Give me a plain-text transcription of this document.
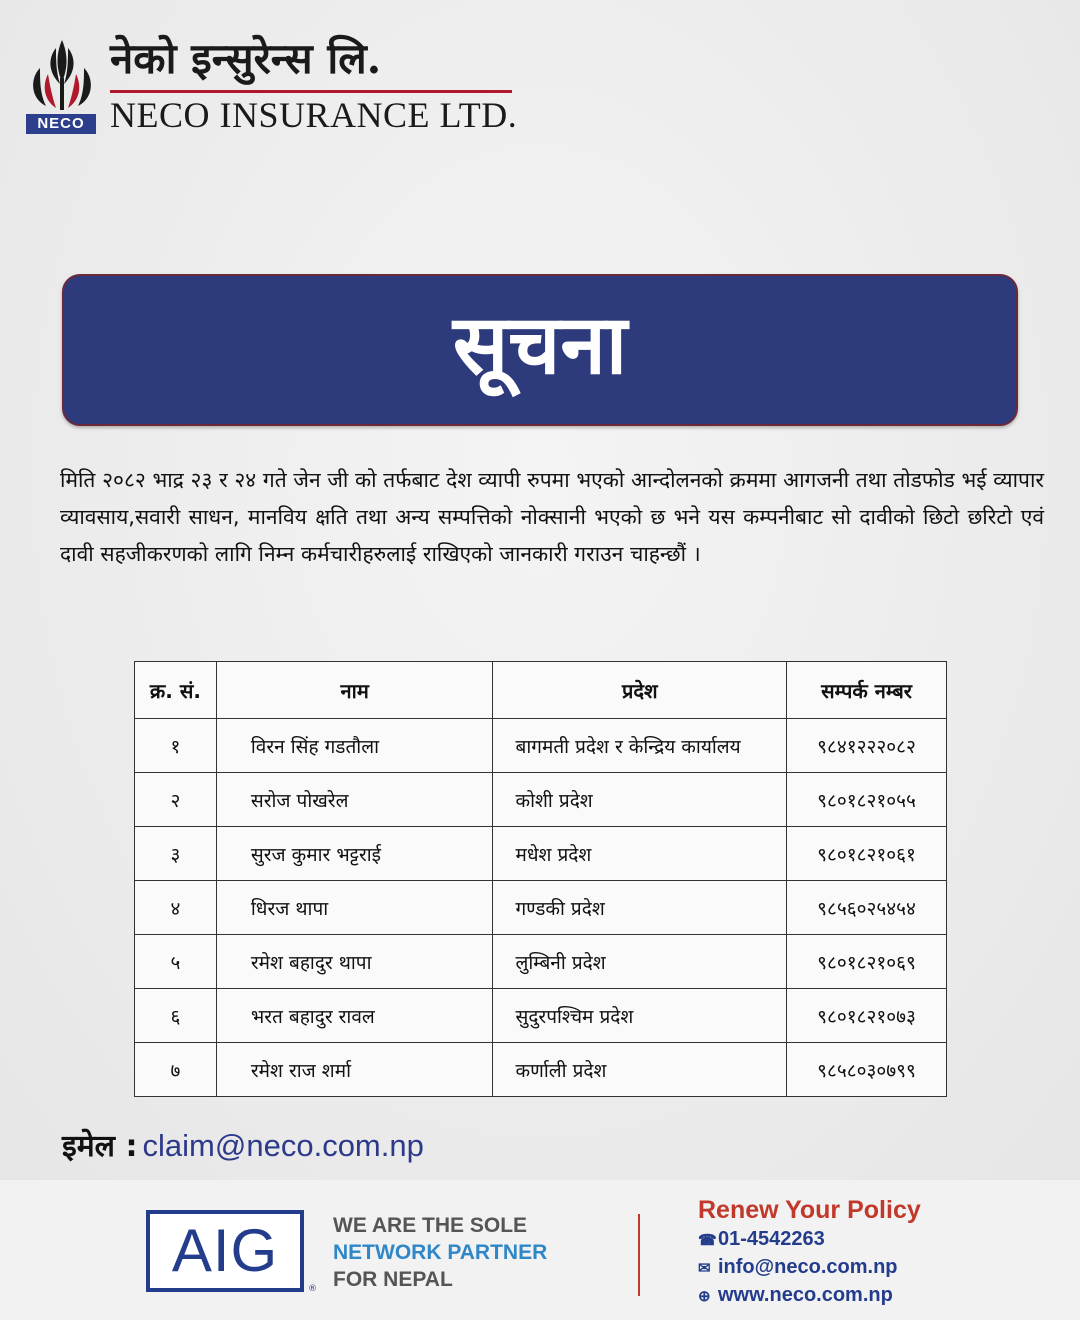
NECO
नेको इन्सुरेन्स लि.
NECO INSURANCE LTD.
सूचना
मिति २०८२ भाद्र २३ र २४ गते जेन जी को तर्फबाट देश व्यापी रुपमा भएको आन्दोलनको क्रममा आगजनी तथा तोडफोड भई व्यापार व्यावसाय,सवारी साधन, मानविय क्षति तथा अन्य सम्पत्तिको नोक्सानी भएको छ भने यस कम्पनीबाट सो दावीको छिटो छरिटो एवं दावी सहजीकरणको लागि निम्न कर्मचारीहरुलाई राखिएको जानकारी गराउन चाहन्छौं ।
क्र. सं.	नाम	प्रदेश	सम्पर्क नम्बर
१	विरन सिंह गडतौला	बागमती प्रदेश र केन्द्रिय कार्यालय	९८४१२२२०८२
२	सरोज पोखरेल	कोशी प्रदेश	९८०१८२१०५५
३	सुरज कुमार भट्टराई	मधेश प्रदेश	९८०१८२१०६१
४	धिरज थापा	गण्डकी प्रदेश	९८५६०२५४५४
५	रमेश बहादुर थापा	लुम्बिनी प्रदेश	९८०१८२१०६९
६	भरत बहादुर रावल	सुदुरपश्चिम प्रदेश	९८०१८२१०७३
७	रमेश राज शर्मा	कर्णाली प्रदेश	९८५८०३०७९९
इमेल : claim@neco.com.np
AIG
®
WE ARE THE SOLE
NETWORK PARTNER
FOR NEPAL
Renew Your Policy
☎01-4542263
✉ info@neco.com.np
⊕ www.neco.com.np
